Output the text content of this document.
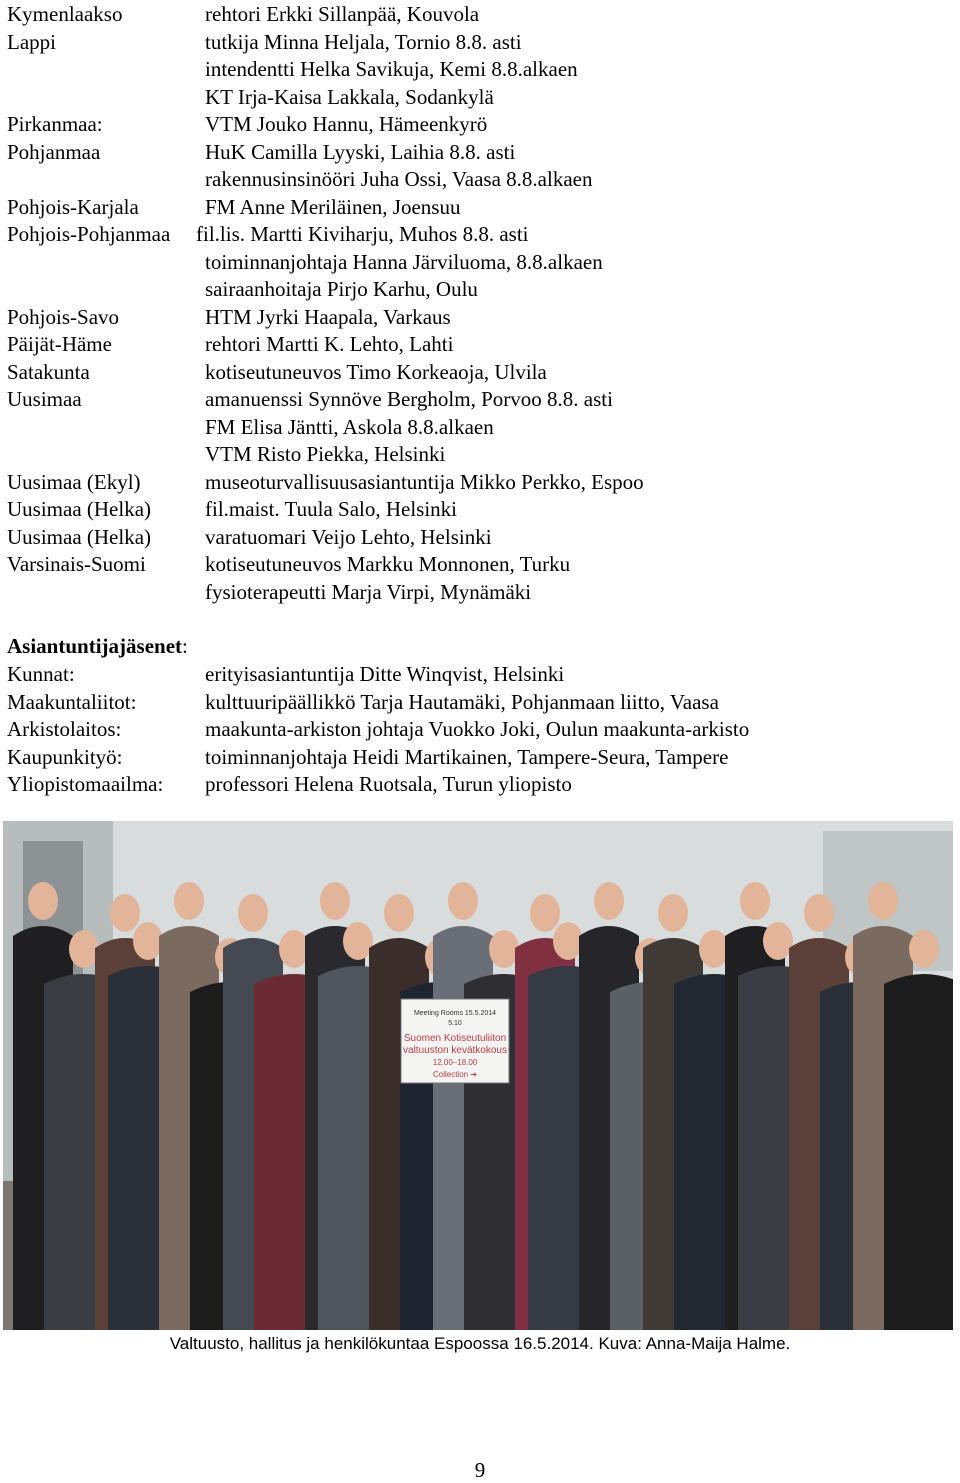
Kymenlaakso	rehtori Erkki Sillanpää, Kouvola
Lappi	tutkija Minna Heljala, Tornio 8.8. asti
intendentti Helka Savikuja, Kemi 8.8.alkaen
KT Irja-Kaisa Lakkala, Sodankylä
Pirkanmaa:	VTM Jouko Hannu, Hämeenkyrö
Pohjanmaa	HuK Camilla Lyyski, Laihia 8.8. asti
rakennusinsinööri Juha Ossi, Vaasa 8.8.alkaen
Pohjois-Karjala	FM Anne Meriläinen, Joensuu
Pohjois-Pohjanmaa fil.lis. Martti Kiviharju, Muhos 8.8. asti
toiminnanjohtaja Hanna Järviluoma, 8.8.alkaen
sairaanhoitaja Pirjo Karhu, Oulu
Pohjois-Savo	HTM Jyrki Haapala, Varkaus
Päijät-Häme	rehtori Martti K. Lehto, Lahti
Satakunta	kotiseutuneuvos Timo Korkeaoja, Ulvila
Uusimaa	amanuenssi Synnöve Bergholm, Porvoo 8.8. asti
FM Elisa Jäntti, Askola 8.8.alkaen
VTM Risto Piekka, Helsinki
Uusimaa (Ekyl)	museoturvallisuusasiantuntija Mikko Perkko, Espoo
Uusimaa (Helka)	fil.maist. Tuula Salo, Helsinki
Uusimaa (Helka)	varatuomari Veijo Lehto, Helsinki
Varsinais-Suomi	kotiseutuneuvos Markku Monnonen, Turku
fysioterapeutti Marja Virpi, Mynämäki
Asiantuntijajäsenet:
Kunnat:	erityisasiantuntija Ditte Winqvist, Helsinki
Maakuntaliitot:	kulttuuripäällikkö Tarja Hautamäki, Pohjanmaan liitto, Vaasa
Arkistolaitos:	maakunta-arkiston johtaja Vuokko Joki, Oulun maakunta-arkisto
Kaupunkityö:	toiminnanjohtaja Heidi Martikainen, Tampere-Seura, Tampere
Yliopistomaailma: professori Helena Ruotsala, Turun yliopisto
Meeting Rooms 15.5.2014
5.10
Suomen Kotiseutuliiton
valtuuston kevätkokous
12.00–18.00
Collection ➔
Valtuusto, hallitus ja henkilökuntaa Espoossa 16.5.2014. Kuva: Anna-Maija Halme.
9
